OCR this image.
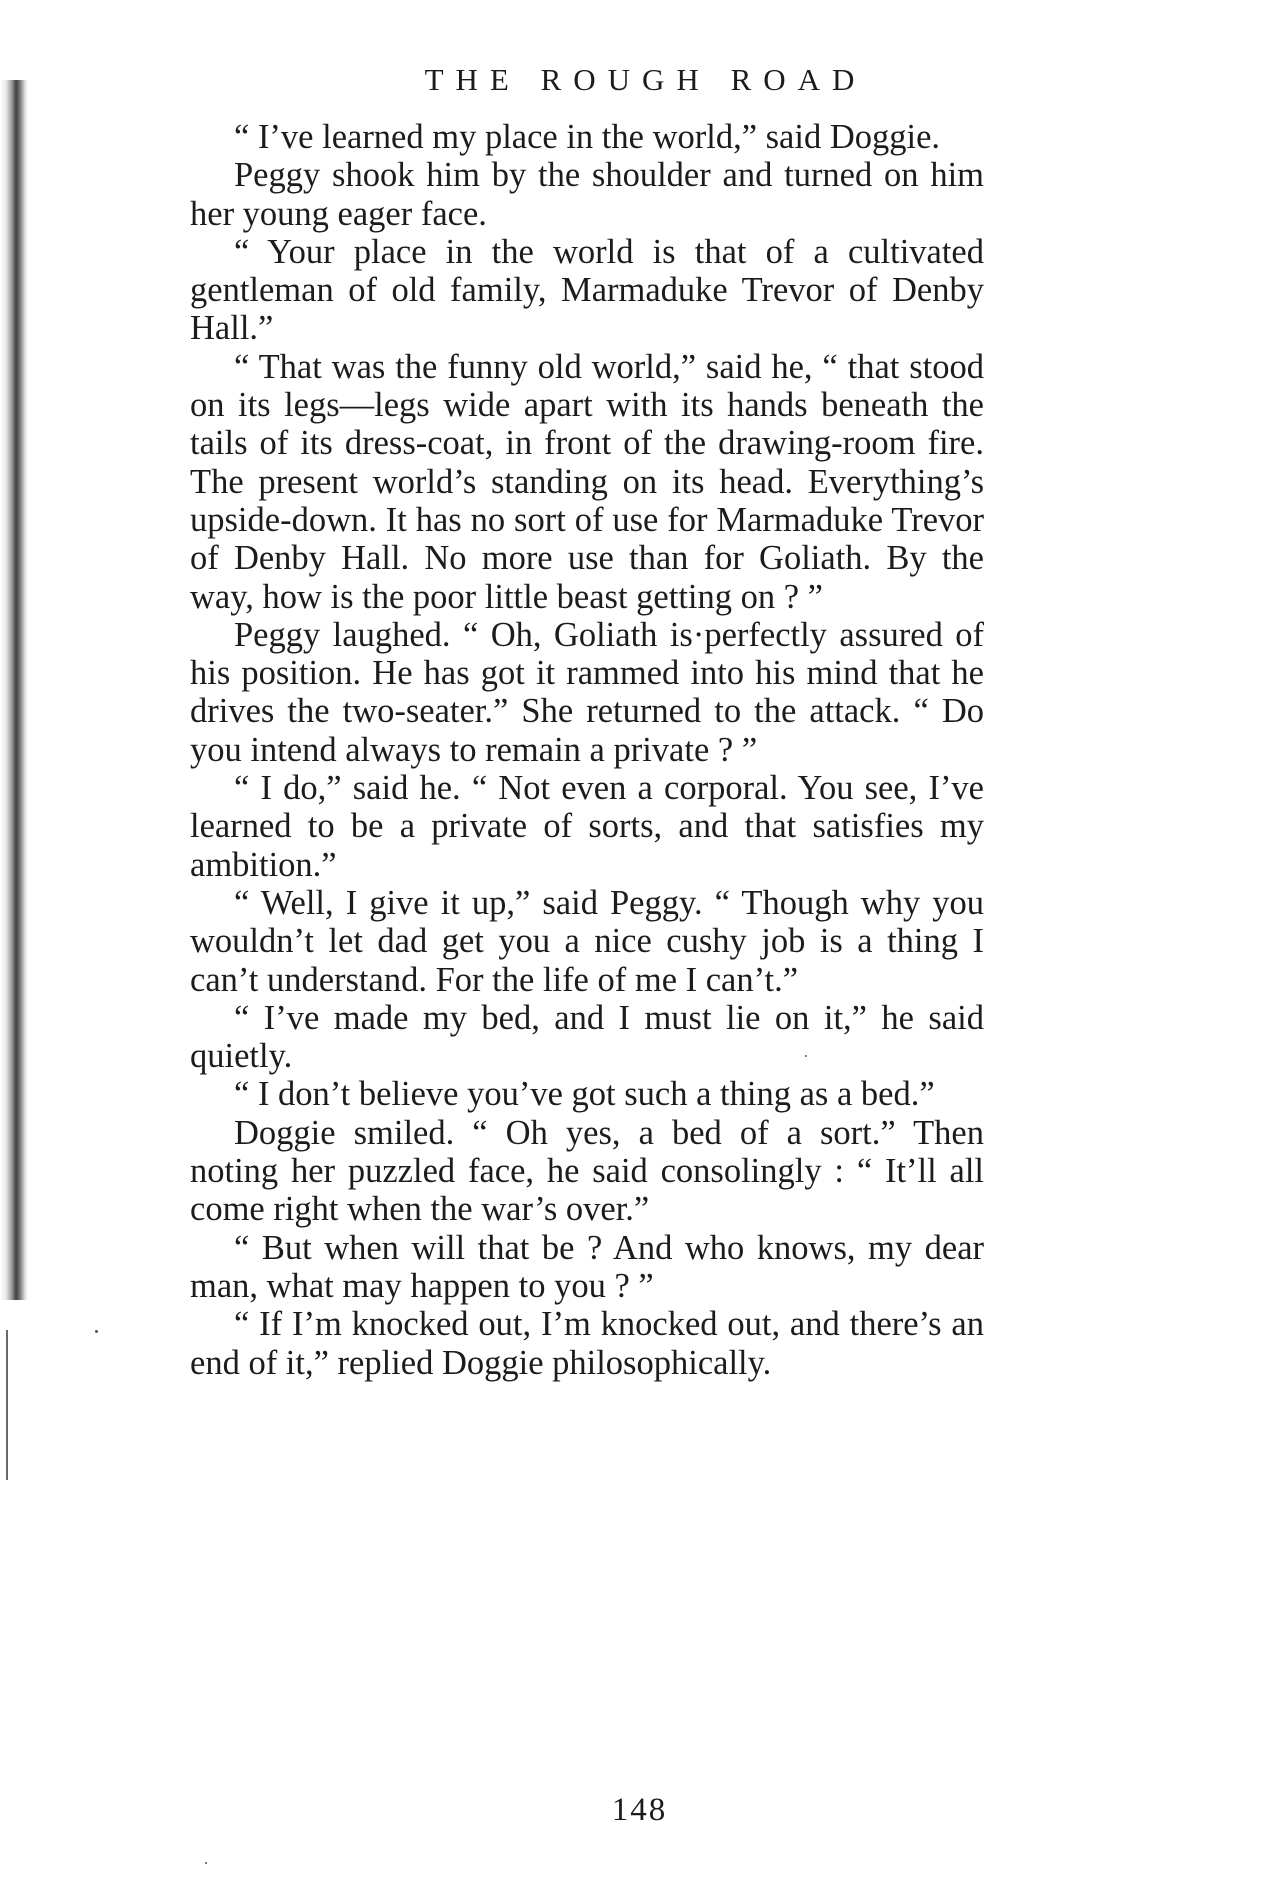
THE ROUGH ROAD

“ I’ve learned my place in the world,” said Doggie.

Peggy shook him by the shoulder and turned on him her young eager face.

“ Your place in the world is that of a cultivated gentleman of old family, Marmaduke Trevor of Denby Hall.”

“ That was the funny old world,” said he, “ that stood on its legs—legs wide apart with its hands beneath the tails of its dress-coat, in front of the drawing-room fire. The present world’s standing on its head. Everything’s upside-down. It has no sort of use for Marmaduke Trevor of Denby Hall. No more use than for Goliath. By the way, how is the poor little beast getting on ? ”

Peggy laughed. “ Oh, Goliath is·perfectly assured of his position. He has got it rammed into his mind that he drives the two-seater.” She returned to the attack. “ Do you intend always to remain a private ? ”

“ I do,” said he. “ Not even a corporal. You see, I’ve learned to be a private of sorts, and that satisfies my ambition.”

“ Well, I give it up,” said Peggy. “ Though why you wouldn’t let dad get you a nice cushy job is a thing I can’t understand. For the life of me I can’t.”

“ I’ve made my bed, and I must lie on it,” he said quietly.

“ I don’t believe you’ve got such a thing as a bed.”

Doggie smiled. “ Oh yes, a bed of a sort.” Then noting her puzzled face, he said consolingly : “ It’ll all come right when the war’s over.”

“ But when will that be ? And who knows, my dear man, what may happen to you ? ”

“ If I’m knocked out, I’m knocked out, and there’s an end of it,” replied Doggie philosophically.

148
